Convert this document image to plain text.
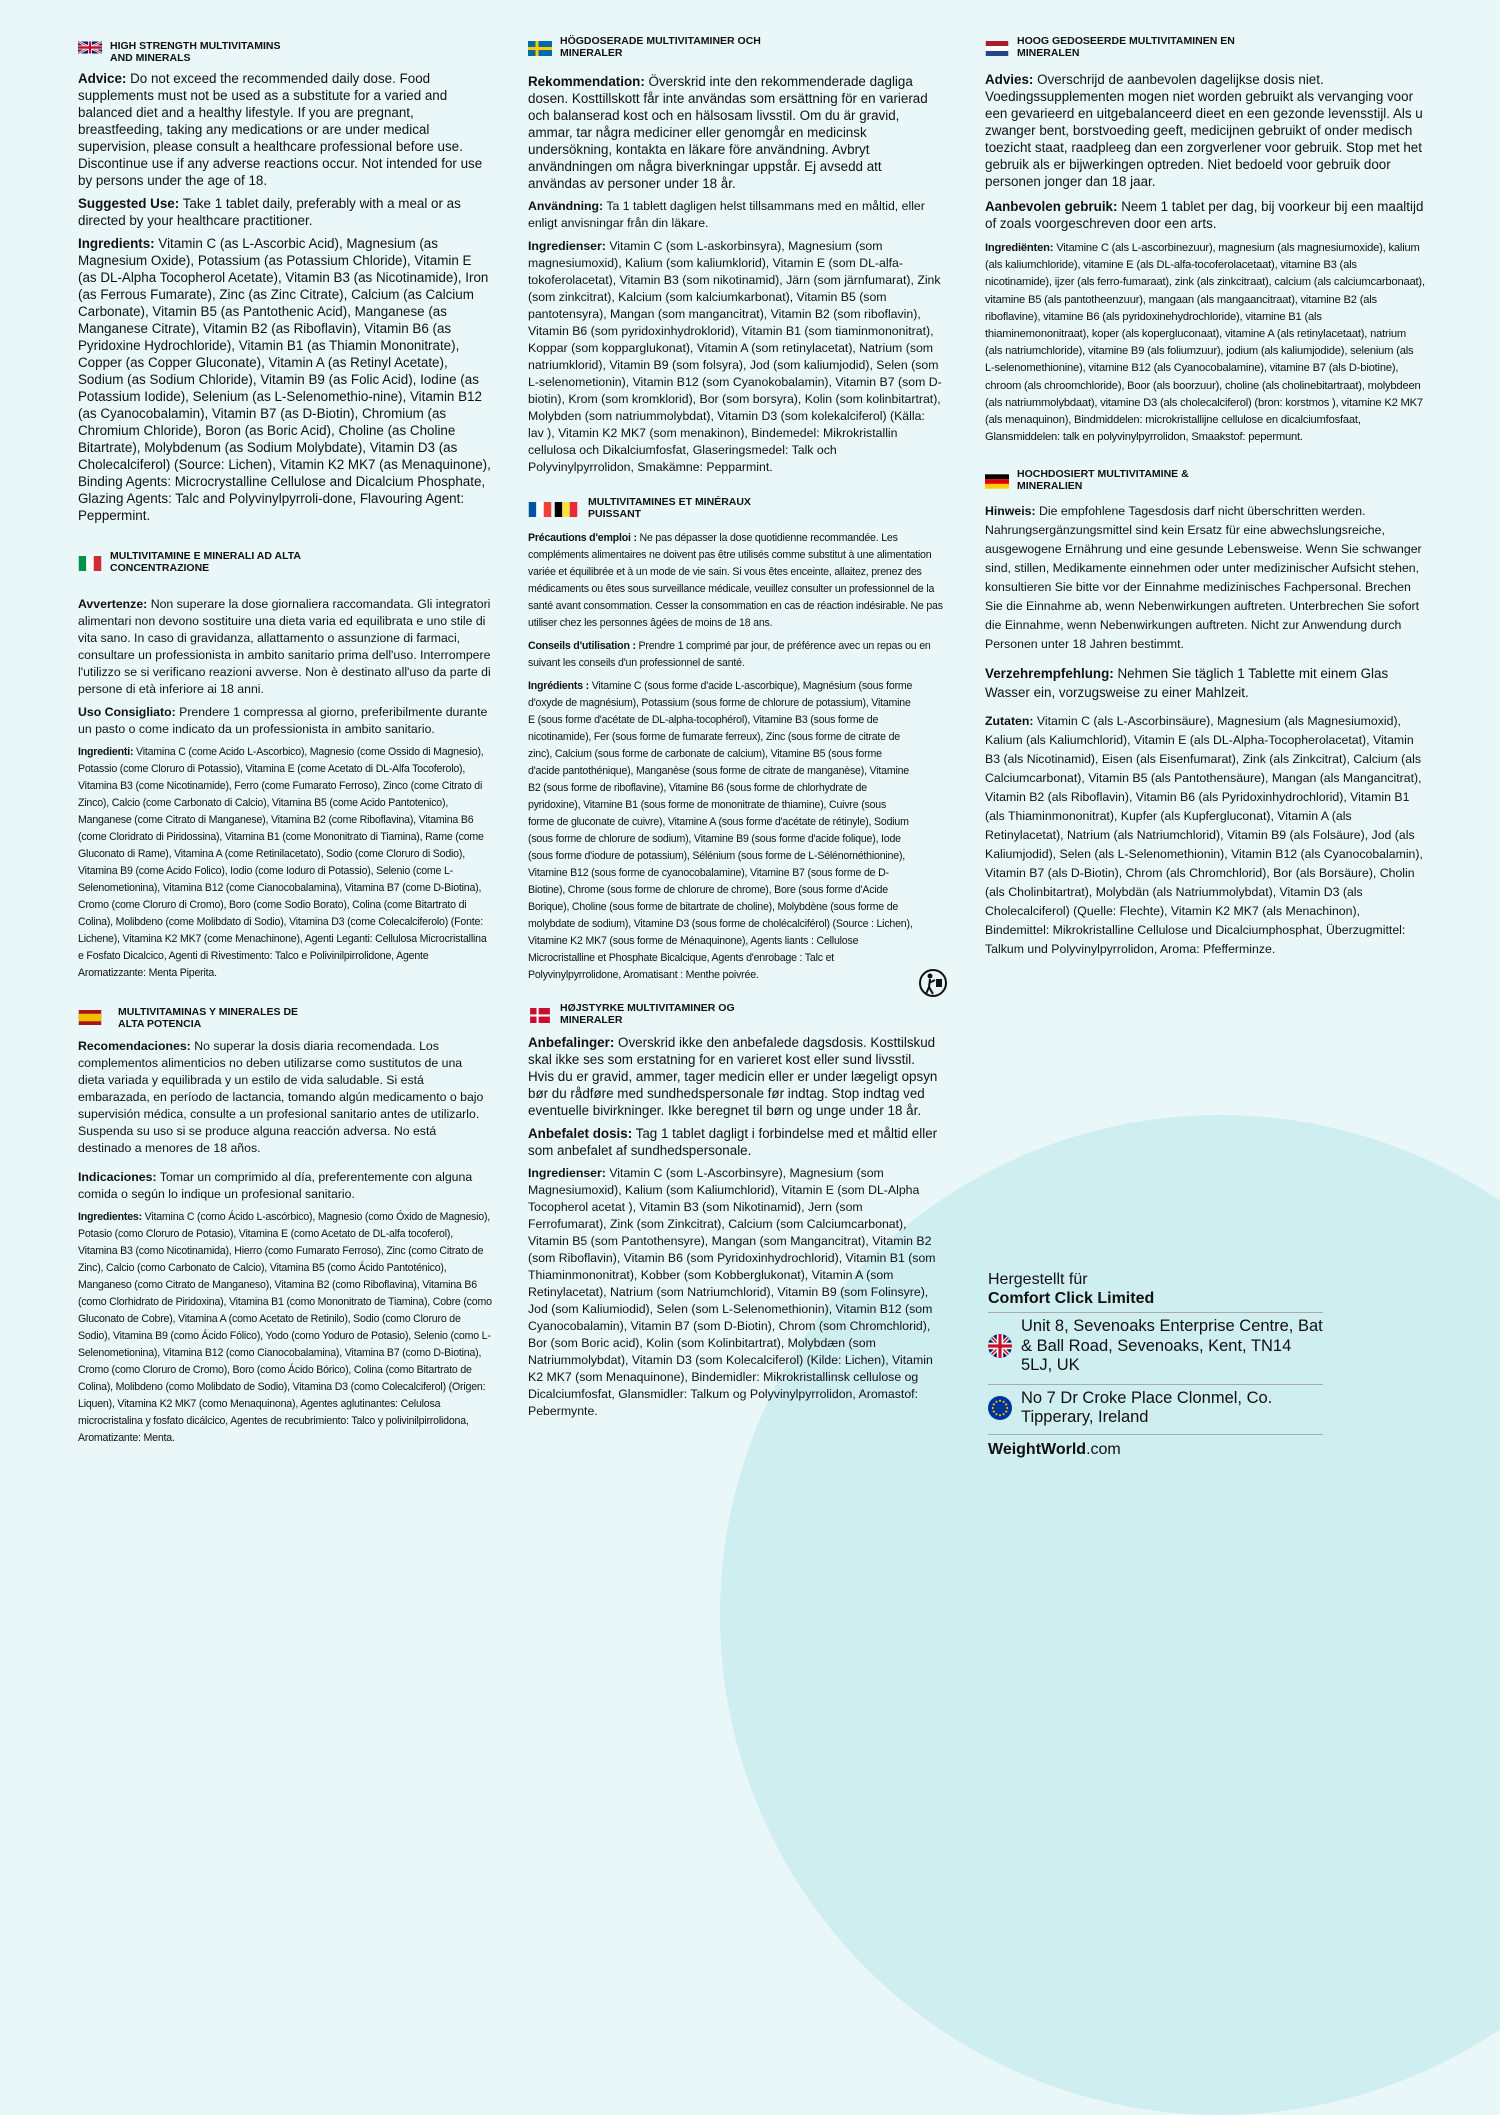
HIGH STRENGTH MULTIVITAMINS AND MINERALS

Advice: Do not exceed the recommended daily dose. Food supplements must not be used as a substitute for a varied and balanced diet and a healthy lifestyle. If you are pregnant, breastfeeding, taking any medications or are under medical supervision, please consult a healthcare professional before use. Discontinue use if any adverse reactions occur. Not intended for use by persons under the age of 18.

Suggested Use: Take 1 tablet daily, preferably with a meal or as directed by your healthcare practitioner.

Ingredients: Vitamin C (as L-Ascorbic Acid), Magnesium (as Magnesium Oxide), Potassium (as Potassium Chloride), Vitamin E (as DL-Alpha Tocopherol Acetate), Vitamin B3 (as Nicotinamide), Iron (as Ferrous Fumarate), Zinc (as Zinc Citrate), Calcium (as Calcium Carbonate), Vitamin B5 (as Pantothenic Acid), Manganese (as Manganese Citrate), Vitamin B2 (as Riboflavin), Vitamin B6 (as Pyridoxine Hydrochloride), Vitamin B1 (as Thiamin Mononitrate), Copper (as Copper Gluconate), Vitamin A (as Retinyl Acetate), Sodium (as Sodium Chloride), Vitamin B9 (as Folic Acid), Iodine (as Potassium Iodide), Selenium (as L-Selenomethio-nine), Vitamin B12 (as Cyanocobalamin), Vitamin B7 (as D-Biotin), Chromium (as Chromium Chloride), Boron (as Boric Acid), Choline (as Choline Bitartrate), Molybdenum (as Sodium Molybdate), Vitamin D3 (as Cholecalciferol) (Source: Lichen), Vitamin K2 MK7 (as Menaquinone), Binding Agents: Microcrystalline Cellulose and Dicalcium Phosphate, Glazing Agents: Talc and Polyvinylpyrroli-done, Flavouring Agent: Peppermint.

MULTIVITAMINE E MINERALI AD ALTA CONCENTRAZIONE

Avvertenze: Non superare la dose giornaliera raccomandata. Gli integratori alimentari non devono sostituire una dieta varia ed equilibrata e uno stile di vita sano. In caso di gravidanza, allattamento o assunzione di farmaci, consultare un professionista in ambito sanitario prima dell'uso. Interrompere l'utilizzo se si verificano reazioni avverse. Non è destinato all'uso da parte di persone di età inferiore ai 18 anni.

Uso Consigliato: Prendere 1 compressa al giorno, preferibilmente durante un pasto o come indicato da un professionista in ambito sanitario.

Ingredienti: Vitamina C (come Acido L-Ascorbico), Magnesio (come Ossido di Magnesio), Potassio (come Cloruro di Potassio), Vitamina E (come Acetato di DL-Alfa Tocoferolo), Vitamina B3 (come Nicotinamide), Ferro (come Fumarato Ferroso), Zinco (come Citrato di Zinco), Calcio (come Carbonato di Calcio), Vitamina B5 (come Acido Pantotenico), Manganese (come Citrato di Manganese), Vitamina B2 (come Riboflavina), Vitamina B6 (come Cloridrato di Piridossina), Vitamina B1 (come Mononitrato di Tiamina), Rame (come Gluconato di Rame), Vitamina A (come Retinilacetato), Sodio (come Cloruro di Sodio), Vitamina B9 (come Acido Folico), Iodio (come Ioduro di Potassio), Selenio (come L-Selenometionina), Vitamina B12 (come Cianocobalamina), Vitamina B7 (come D-Biotina), Cromo (come Cloruro di Cromo), Boro (come Sodio Borato), Colina (come Bitartrato di Colina), Molibdeno (come Molibdato di Sodio), Vitamina D3 (come Colecalciferolo) (Fonte: Lichene), Vitamina K2 MK7 (come Menachinone), Agenti Leganti: Cellulosa Microcristallina e Fosfato Dicalcico, Agenti di Rivestimento: Talco e Polivinilpirrolidone, Agente Aromatizzante: Menta Piperita.

MULTIVITAMINAS Y MINERALES DE ALTA POTENCIA

Recomendaciones: No superar la dosis diaria recomendada. Los complementos alimenticios no deben utilizarse como sustitutos de una dieta variada y equilibrada y un estilo de vida saludable. Si está embarazada, en período de lactancia, tomando algún medicamento o bajo supervisión médica, consulte a un profesional sanitario antes de utilizarlo. Suspenda su uso si se produce alguna reacción adversa. No está destinado a menores de 18 años.

Indicaciones: Tomar un comprimido al día, preferentemente con alguna comida o según lo indique un profesional sanitario.

Ingredientes: Vitamina C (como Ácido L-ascórbico), Magnesio (como Óxido de Magnesio), Potasio (como Cloruro de Potasio), Vitamina E (como Acetato de DL-alfa tocoferol), Vitamina B3 (como Nicotinamida), Hierro (como Fumarato Ferroso), Zinc (como Citrato de Zinc), Calcio (como Carbonato de Calcio), Vitamina B5 (como Ácido Pantoténico), Manganeso (como Citrato de Manganeso), Vitamina B2 (como Riboflavina), Vitamina B6 (como Clorhidrato de Piridoxina), Vitamina B1 (como Mononitrato de Tiamina), Cobre (como Gluconato de Cobre), Vitamina A (como Acetato de Retinilo), Sodio (como Cloruro de Sodio), Vitamina B9 (como Ácido Fólico), Yodo (como Yoduro de Potasio), Selenio (como L-Selenometionina), Vitamina B12 (como Cianocobalamina), Vitamina B7 (como D-Biotina), Cromo (como Cloruro de Cromo), Boro (como Ácido Bórico), Colina (como Bitartrato de Colina), Molibdeno (como Molibdato de Sodio), Vitamina D3 (como Colecalciferol) (Origen: Liquen), Vitamina K2 MK7 (como Menaquinona), Agentes aglutinantes: Celulosa microcristalina y fosfato dicálcico, Agentes de recubrimiento: Talco y polivinilpirrolidona, Aromatizante: Menta.

HÖGDOSERADE MULTIVITAMINER OCH MINERALER

Rekommendation: Överskrid inte den rekommenderade dagliga dosen. Kosttillskott får inte användas som ersättning för en varierad och balanserad kost och en hälsosam livsstil. Om du är gravid, ammar, tar några mediciner eller genomgår en medicinsk undersökning, kontakta en läkare före användning. Avbryt användningen om några biverkningar uppstår. Ej avsedd att användas av personer under 18 år.

Användning: Ta 1 tablett dagligen helst tillsammans med en måltid, eller enligt anvisningar från din läkare.

Ingredienser: Vitamin C (som L-askorbinsyra), Magnesium (som magnesiumoxid), Kalium (som kaliumklorid), Vitamin E (som DL-alfa-tokoferolacetat), Vitamin B3 (som nikotinamid), Järn (som järnfumarat), Zink (som zinkcitrat), Kalcium (som kalciumkarbonat), Vitamin B5 (som pantotensyra), Mangan (som mangancitrat), Vitamin B2 (som riboflavin), Vitamin B6 (som pyridoxinhydroklorid), Vitamin B1 (som tiaminmononitrat), Koppar (som kopparglukonat), Vitamin A (som retinylacetat), Natrium (som natriumklorid), Vitamin B9 (som folsyra), Jod (som kaliumjodid), Selen (som L-selenometionin), Vitamin B12 (som Cyanokobalamin), Vitamin B7 (som D-biotin), Krom (som kromklorid), Bor (som borsyra), Kolin (som kolinbitartrat), Molybden (som natriummolybdat), Vitamin D3 (som kolekalciferol) (Källa: lav ), Vitamin K2 MK7 (som menakinon), Bindemedel: Mikrokristallin cellulosa och Dikalciumfosfat, Glaseringsmedel: Talk och Polyvinylpyrrolidon, Smakämne: Pepparmint.

MULTIVITAMINES ET MINÉRAUX PUISSANT

Précautions d'emploi : Ne pas dépasser la dose quotidienne recommandée. Les compléments alimentaires ne doivent pas être utilisés comme substitut à une alimentation variée et équilibrée et à un mode de vie sain. Si vous êtes enceinte, allaitez, prenez des médicaments ou êtes sous surveillance médicale, veuillez consulter un professionnel de la santé avant consommation. Cesser la consommation en cas de réaction indésirable. Ne pas utiliser chez les personnes âgées de moins de 18 ans.

Conseils d'utilisation : Prendre 1 comprimé par jour, de préférence avec un repas ou en suivant les conseils d'un professionnel de santé.

Ingrédients : Vitamine C (sous forme d'acide L-ascorbique), Magnésium (sous forme d'oxyde de magnésium), Potassium (sous forme de chlorure de potassium), Vitamine E (sous forme d'acétate de DL-alpha-tocophérol), Vitamine B3 (sous forme de nicotinamide), Fer (sous forme de fumarate ferreux), Zinc (sous forme de citrate de zinc), Calcium (sous forme de carbonate de calcium), Vitamine B5 (sous forme d'acide pantothénique), Manganèse (sous forme de citrate de manganèse), Vitamine B2 (sous forme de riboflavine), Vitamine B6 (sous forme de chlorhydrate de pyridoxine), Vitamine B1 (sous forme de mononitrate de thiamine), Cuivre (sous forme de gluconate de cuivre), Vitamine A (sous forme d'acétate de rétinyle), Sodium (sous forme de chlorure de sodium), Vitamine B9 (sous forme d'acide folique), Iode (sous forme d'iodure de potassium), Sélénium (sous forme de L-Sélénométhionine), Vitamine B12 (sous forme de cyanocobalamine), Vitamine B7 (sous forme de D-Biotine), Chrome (sous forme de chlorure de chrome), Bore (sous forme d'Acide Borique), Choline (sous forme de bitartrate de choline), Molybdène (sous forme de molybdate de sodium), Vitamine D3 (sous forme de cholécalciférol) (Source : Lichen), Vitamine K2 MK7 (sous forme de Ménaquinone), Agents liants : Cellulose Microcristalline et Phosphate Bicalcique, Agents d'enrobage : Talc et Polyvinylpyrrolidone, Aromatisant : Menthe poivrée.

HØJSTYRKE MULTIVITAMINER OG MINERALER

Anbefalinger: Overskrid ikke den anbefalede dagsdosis. Kosttilskud skal ikke ses som erstatning for en varieret kost eller sund livsstil. Hvis du er gravid, ammer, tager medicin eller er under lægeligt opsyn bør du rådføre med sundhedspersonale før indtag. Stop indtag ved eventuelle bivirkninger. Ikke beregnet til børn og unge under 18 år.

Anbefalet dosis: Tag 1 tablet dagligt i forbindelse med et måltid eller som anbefalet af sundhedspersonale.

Ingredienser: Vitamin C (som L-Ascorbinsyre), Magnesium (som Magnesiumoxid), Kalium (som Kaliumchlorid), Vitamin E (som DL-Alpha Tocopherol acetat ), Vitamin B3 (som Nikotinamid), Jern (som Ferrofumarat), Zink (som Zinkcitrat), Calcium (som Calciumcarbonat), Vitamin B5 (som Pantothensyre), Mangan (som Mangancitrat), Vitamin B2 (som Riboflavin), Vitamin B6 (som Pyridoxinhydrochlorid), Vitamin B1 (som Thiaminmononitrat), Kobber (som Kobberglukonat), Vitamin A (som Retinylacetat), Natrium (som Natriumchlorid), Vitamin B9 (som Folinsyre), Jod (som Kaliumiodid), Selen (som L-Selenomethionin), Vitamin B12 (som Cyanocobalamin), Vitamin B7 (som D-Biotin), Chrom (som Chromchlorid), Bor (som Boric acid), Kolin (som Kolinbitartrat), Molybdæn (som Natriummolybdat), Vitamin D3 (som Kolecalciferol) (Kilde: Lichen), Vitamin K2 MK7 (som Menaquinone), Bindemidler: Mikrokristallinsk cellulose og Dicalciumfosfat, Glansmidler: Talkum og Polyvinylpyrrolidon, Aromastof: Pebermynte.

HOOG GEDOSEERDE MULTIVITAMINEN EN MINERALEN

Advies: Overschrijd de aanbevolen dagelijkse dosis niet. Voedingssupplementen mogen niet worden gebruikt als vervanging voor een gevarieerd en uitgebalanceerd dieet en een gezonde levensstijl. Als u zwanger bent, borstvoeding geeft, medicijnen gebruikt of onder medisch toezicht staat, raadpleeg dan een zorgverlener voor gebruik. Stop met het gebruik als er bijwerkingen optreden. Niet bedoeld voor gebruik door personen jonger dan 18 jaar.

Aanbevolen gebruik: Neem 1 tablet per dag, bij voorkeur bij een maaltijd of zoals voorgeschreven door een arts.

Ingrediënten: Vitamine C (als L-ascorbinezuur), magnesium (als magnesiumoxide), kalium (als kaliumchloride), vitamine E (als DL-alfa-tocoferolacetaat), vitamine B3 (als nicotinamide), ijzer (als ferro-fumaraat), zink (als zinkcitraat), calcium (als calciumcarbonaat), vitamine B5 (als pantotheenzuur), mangaan (als mangaancitraat), vitamine B2 (als riboflavine), vitamine B6 (als pyridoxinehydrochloride), vitamine B1 (als thiaminemononitraat), koper (als kopergluconaat), vitamine A (als retinylacetaat), natrium (als natriumchloride), vitamine B9 (als foliumzuur), jodium (als kaliumjodide), selenium (als L-selenomethionine), vitamine B12 (als Cyanocobalamine), vitamine B7 (als D-biotine), chroom (als chroomchloride), Boor (als boorzuur), choline (als cholinebitartraat), molybdeen (als natriummolybdaat), vitamine D3 (als cholecalciferol) (bron: korstmos ), vitamine K2 MK7 (als menaquinon), Bindmiddelen: microkristallijne cellulose en dicalciumfosfaat, Glansmiddelen: talk en polyvinylpyrrolidon, Smaakstof: pepermunt.

HOCHDOSIERT MULTIVITAMINE & MINERALIEN

Hinweis: Die empfohlene Tagesdosis darf nicht überschritten werden. Nahrungsergänzungsmittel sind kein Ersatz für eine abwechslungsreiche, ausgewogene Ernährung und eine gesunde Lebensweise. Wenn Sie schwanger sind, stillen, Medikamente einnehmen oder unter medizinischer Aufsicht stehen, konsultieren Sie bitte vor der Einnahme medizinisches Fachpersonal. Brechen Sie die Einnahme ab, wenn Nebenwirkungen auftreten. Unterbrechen Sie sofort die Einnahme, wenn Nebenwirkungen auftreten. Nicht zur Anwendung durch Personen unter 18 Jahren bestimmt.

Verzehrempfehlung: Nehmen Sie täglich 1 Tablette mit einem Glas Wasser ein, vorzugsweise zu einer Mahlzeit.

Zutaten: Vitamin C (als L-Ascorbinsäure), Magnesium (als Magnesiumoxid), Kalium (als Kaliumchlorid), Vitamin E (als DL-Alpha-Tocopherolacetat), Vitamin B3 (als Nicotinamid), Eisen (als Eisenfumarat), Zink (als Zinkcitrat), Calcium (als Calciumcarbonat), Vitamin B5 (als Pantothensäure), Mangan (als Mangancitrat), Vitamin B2 (als Riboflavin), Vitamin B6 (als Pyridoxinhydrochlorid), Vitamin B1 (als Thiaminmononitrat), Kupfer (als Kupfergluconat), Vitamin A (als Retinylacetat), Natrium (als Natriumchlorid), Vitamin B9 (als Folsäure), Jod (als Kaliumjodid), Selen (als L-Selenomethionin), Vitamin B12 (als Cyanocobalamin), Vitamin B7 (als D-Biotin), Chrom (als Chromchlorid), Bor (als Borsäure), Cholin (als Cholinbitartrat), Molybdän (als Natriummolybdat), Vitamin D3 (als Cholecalciferol) (Quelle: Flechte), Vitamin K2 MK7 (als Menachinon), Bindemittel: Mikrokristalline Cellulose und Dicalciumphosphat, Überzugmittel: Talkum und Polyvinylpyrrolidon, Aroma: Pfefferminze.

Hergestellt für
Comfort Click Limited
Unit 8, Sevenoaks Enterprise Centre, Bat & Ball Road, Sevenoaks, Kent, TN14 5LJ, UK
No 7 Dr Croke Place Clonmel, Co. Tipperary, Ireland
WeightWorld.com
